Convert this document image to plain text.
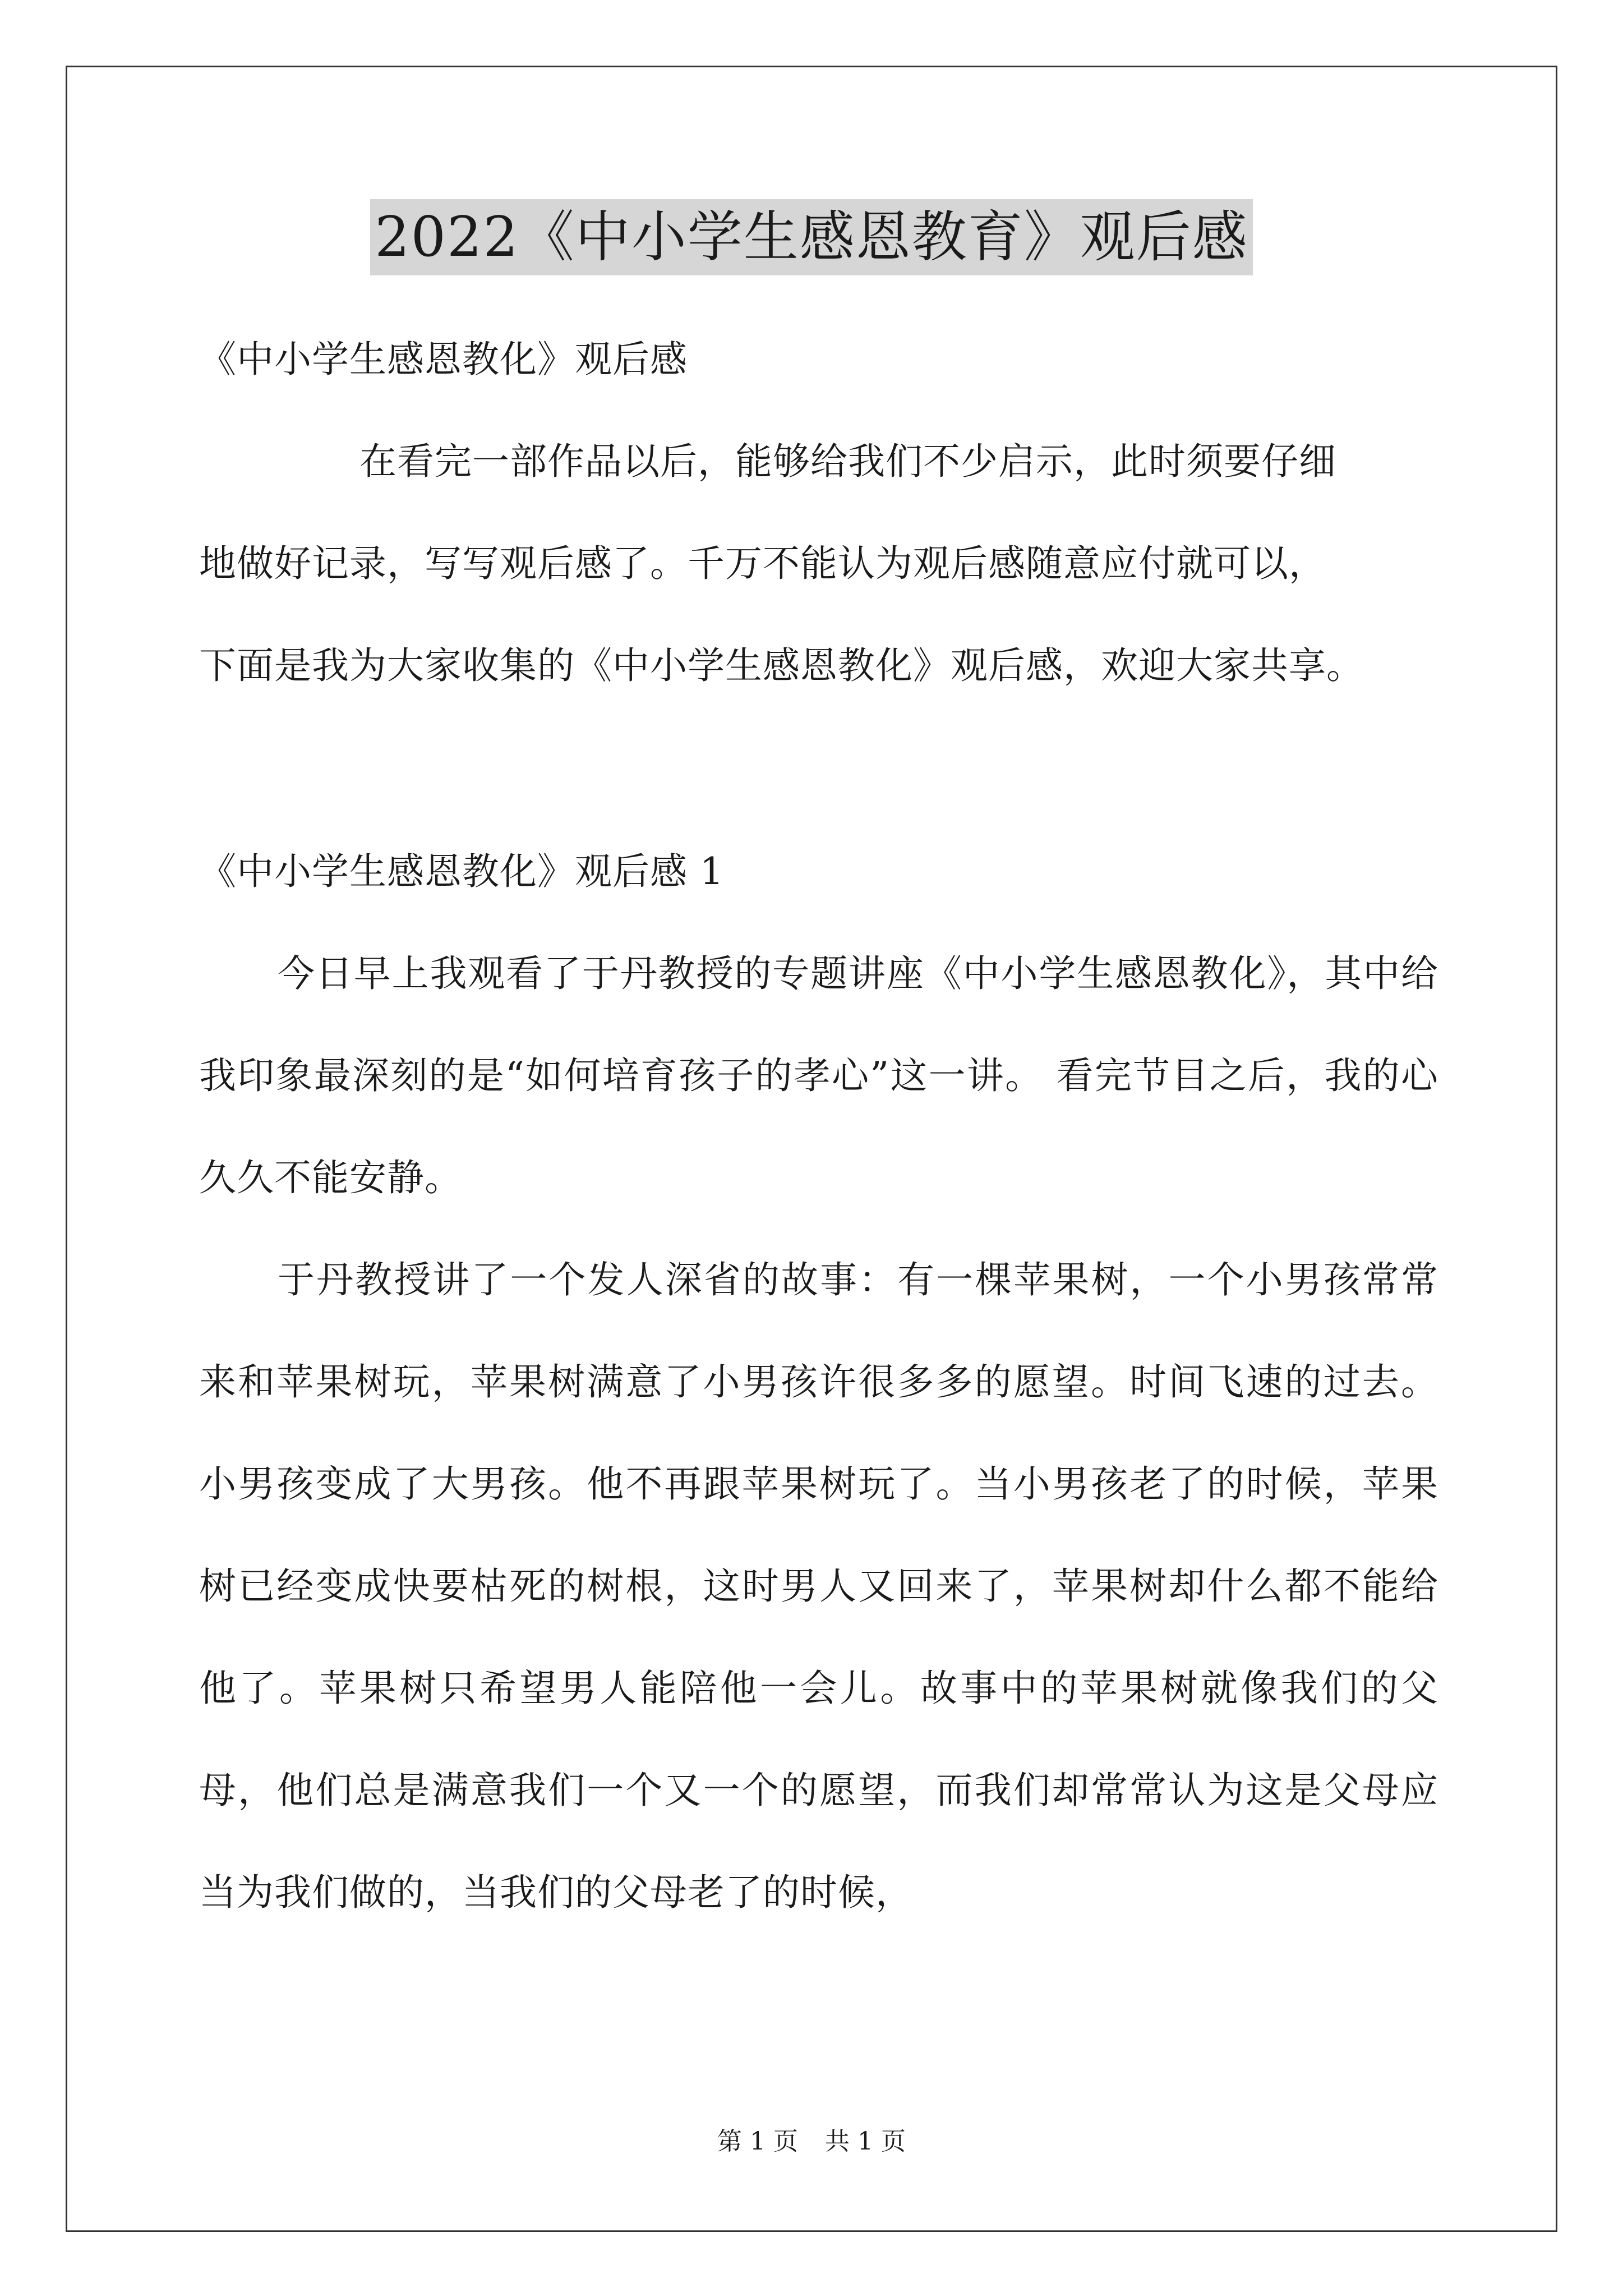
2022《中小学生感恩教育》观后感

《中小学生感恩教化》观后感

在看完一部作品以后，能够给我们不少启示，此时须要仔细

地做好记录，写写观后感了。千万不能认为观后感随意应付就可以，

下面是我为大家收集的《中小学生感恩教化》观后感，欢迎大家共享。

《中小学生感恩教化》观后感 1

今日早上我观看了于丹教授的专题讲座《中小学生感恩教化》，其中给我印象最深刻的是“如何培育孩子的孝心”这一讲。 看完节目之后，我的心久久不能安静。

于丹教授讲了一个发人深省的故事：有一棵苹果树，一个小男孩常常来和苹果树玩，苹果树满意了小男孩许很多多的愿望。时间飞速的过去。小男孩变成了大男孩。他不再跟苹果树玩了。当小男孩老了的时候，苹果树已经变成快要枯死的树根，这时男人又回来了，苹果树却什么都不能给他了。苹果树只希望男人能陪他一会儿。故事中的苹果树就像我们的父母，他们总是满意我们一个又一个的愿望，而我们却常常认为这是父母应当为我们做的，当我们的父母老了的时候，

第 1 页 共 1 页
